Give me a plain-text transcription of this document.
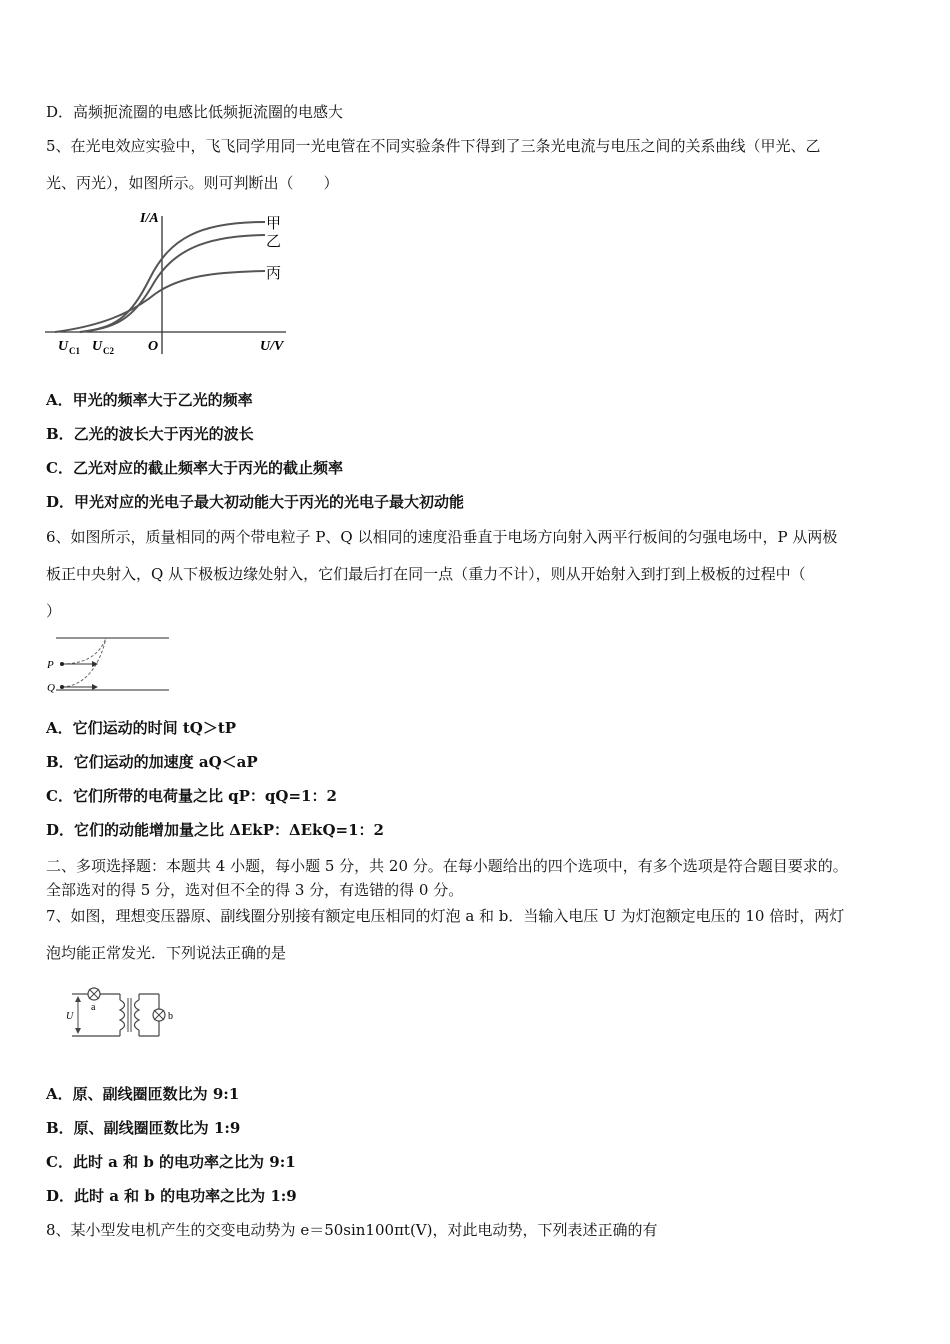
D．高频扼流圈的电感比低频扼流圈的电感大
5、在光电效应实验中，飞飞同学用同一光电管在不同实验条件下得到了三条光电流与电压之间的关系曲线（甲光、乙
光、丙光），如图所示。则可判断出（　　）
I/A
U/V
O
U C1 U C2
甲
乙
丙
A．甲光的频率大于乙光的频率
B．乙光的波长大于丙光的波长
C．乙光对应的截止频率大于丙光的截止频率
D．甲光对应的光电子最大初动能大于丙光的光电子最大初动能
6、如图所示，质量相同的两个带电粒子 P、Q 以相同的速度沿垂直于电场方向射入两平行板间的匀强电场中，P 从两极
板正中央射入，Q 从下极板边缘处射入，它们最后打在同一点（重力不计），则从开始射入到打到上极板的过程中（
）
P
Q
A．它们运动的时间 tQ＞tP
B．它们运动的加速度 aQ＜aP
C．它们所带的电荷量之比 qP：qQ=1：2
D．它们的动能增加量之比 ΔEkP：ΔEkQ=1：2
二、多项选择题：本题共 4 小题，每小题 5 分，共 20 分。在每小题给出的四个选项中，有多个选项是符合题目要求的。
全部选对的得 5 分，选对但不全的得 3 分，有选错的得 0 分。
7、如图，理想变压器原、副线圈分别接有额定电压相同的灯泡 a 和 b．当输入电压 U 为灯泡额定电压的 10 倍时，两灯
泡均能正常发光．下列说法正确的是
a
b
U
A．原、副线圈匝数比为 9:1
B．原、副线圈匝数比为 1:9
C．此时 a 和 b 的电功率之比为 9:1
D．此时 a 和 b 的电功率之比为 1:9
8、某小型发电机产生的交变电动势为 e＝50sin100πt(V)，对此电动势，下列表述正确的有
